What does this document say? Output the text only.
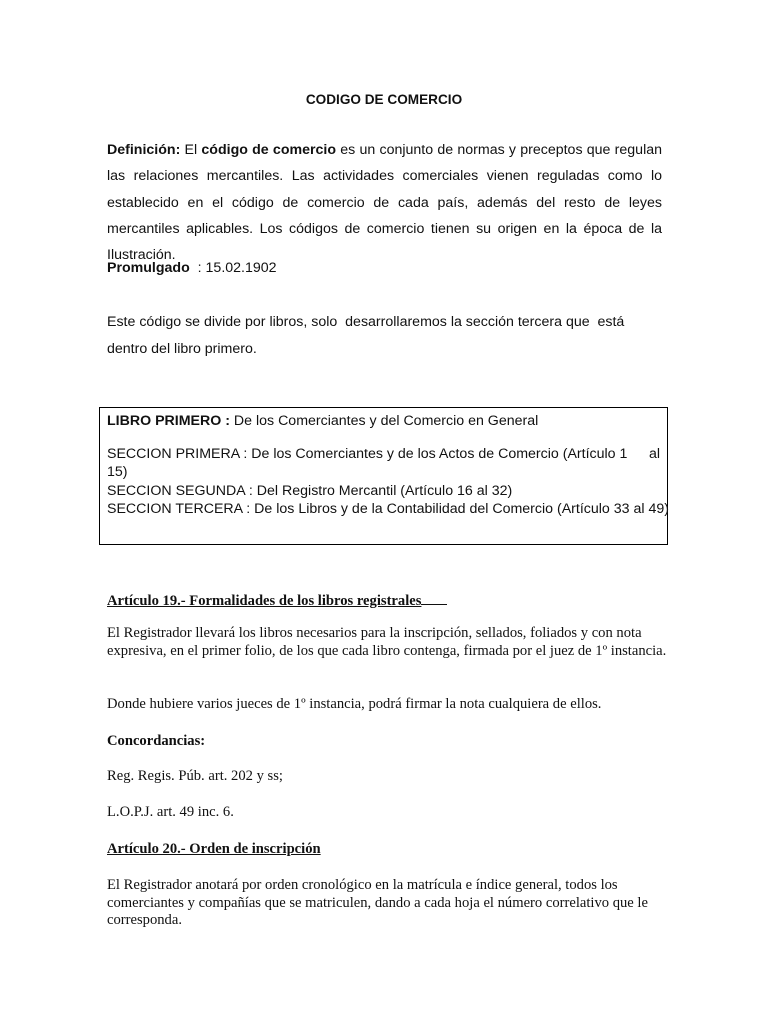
CODIGO DE COMERCIO

Definición: El código de comercio es un conjunto de normas y preceptos que regulan las relaciones mercantiles. Las actividades comerciales vienen reguladas como lo establecido en el código de comercio de cada país, además del resto de leyes mercantiles aplicables. Los códigos de comercio tienen su origen en la época de la Ilustración.

Promulgado  : 15.02.1902

Este código se divide por libros, solo  desarrollaremos la sección tercera que  está dentro del libro primero.

LIBRO PRIMERO : De los Comerciantes y del Comercio en General
SECCION PRIMERA : De los Comerciantes y de los Actos de Comercio (Artículo 1 al
15)
SECCION SEGUNDA : Del Registro Mercantil (Artículo 16 al 32)
SECCION TERCERA : De los Libros y de la Contabilidad del Comercio (Artículo 33 al 49)
Artículo 19.- Formalidades de los libros registrales

El Registrador llevará los libros necesarios para la inscripción, sellados, foliados y con nota expresiva, en el primer folio, de los que cada libro contenga, firmada por el juez de 1º instancia.

Donde hubiere varios jueces de 1º instancia, podrá firmar la nota cualquiera de ellos.

Concordancias:

Reg. Regis. Púb. art. 202 y ss;

L.O.P.J. art. 49 inc. 6.

Artículo 20.- Orden de inscripción

El Registrador anotará por orden cronológico en la matrícula e índice general, todos los comerciantes y compañías que se matriculen, dando a cada hoja el número correlativo que le corresponda.
